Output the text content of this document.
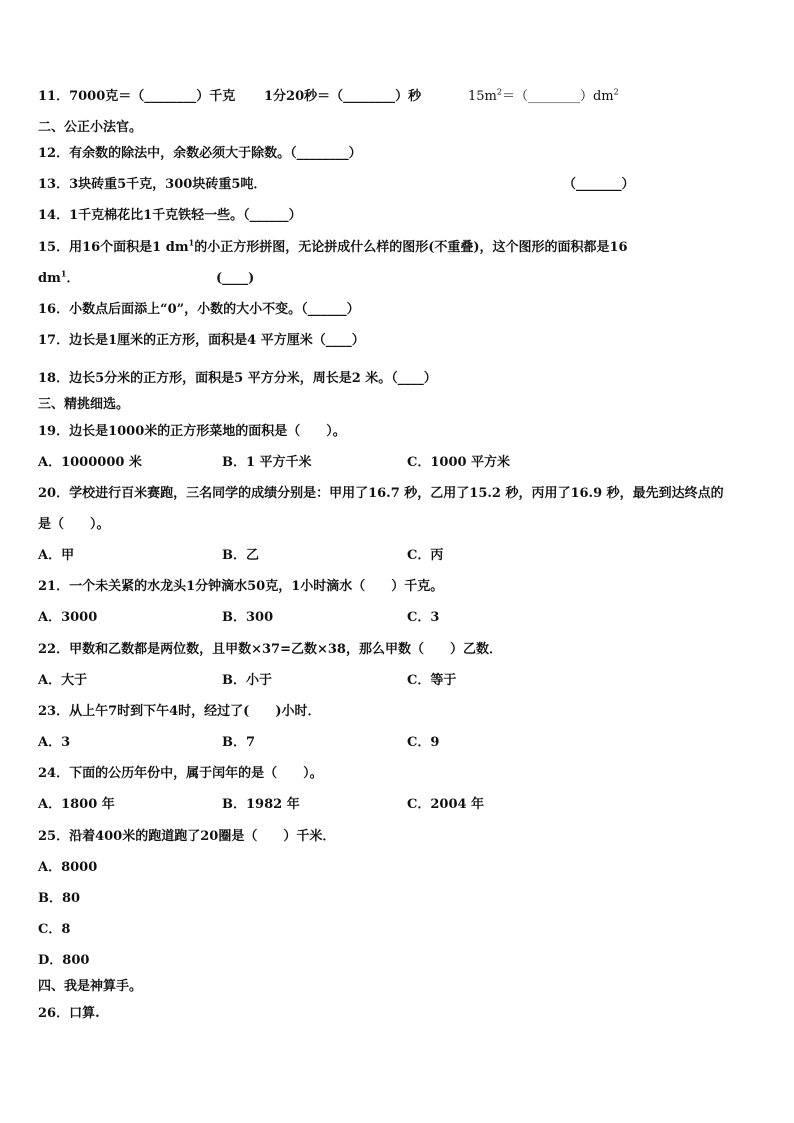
11．7000克＝（________）千克 1分20秒＝（________）秒	$15m^2=(\_\_\_\_\_\_\_\_)dm^2$
二、公正小法官。
12．有余数的除法中，余数必须大于除数。（________）
13．3块砖重5千克，300块砖重5吨．	（_______）
14．1千克棉花比1千克铁轻一些。（______）
15．用16个面积是1 $dm^1$的小正方形拼图，无论拼成什么样的图形(不重叠)，这个图形的面积都是16
$dm^1$．	(____)
16．小数点后面添上“0”，小数的大小不变。（______）
17．边长是1厘米的正方形，面积是4 平方厘米（____）
18．边长5分米的正方形，面积是5 平方分米，周长是2 米。（____）
三、精挑细选。
19．边长是1000米的正方形菜地的面积是（　　）。
A．1000000 米	B．1 平方千米	C．1000 平方米
20．学校进行百米赛跑，三名同学的成绩分别是：甲用了16.7 秒，乙用了15.2 秒，丙用了16.9 秒，最先到达终点的
是（　　）。
A．甲	B．乙	C．丙
21．一个未关紧的水龙头1分钟滴水50克，1小时滴水（　　）千克。
A．3000	B．300	C．3
22．甲数和乙数都是两位数，且甲数×37=乙数×38，那么甲数（　　）乙数．
A．大于	B．小于	C．等于
23．从上午7时到下午4时，经过了(　　)小时．
A．3	B．7	C．9
24．下面的公历年份中，属于闰年的是（　　）。
A．1800 年	B．1982 年	C．2004 年
25．沿着400米的跑道跑了20圈是（　　）千米．
A．8000
B．80
C．8
D．800
四、我是神算手。
26．口算.
